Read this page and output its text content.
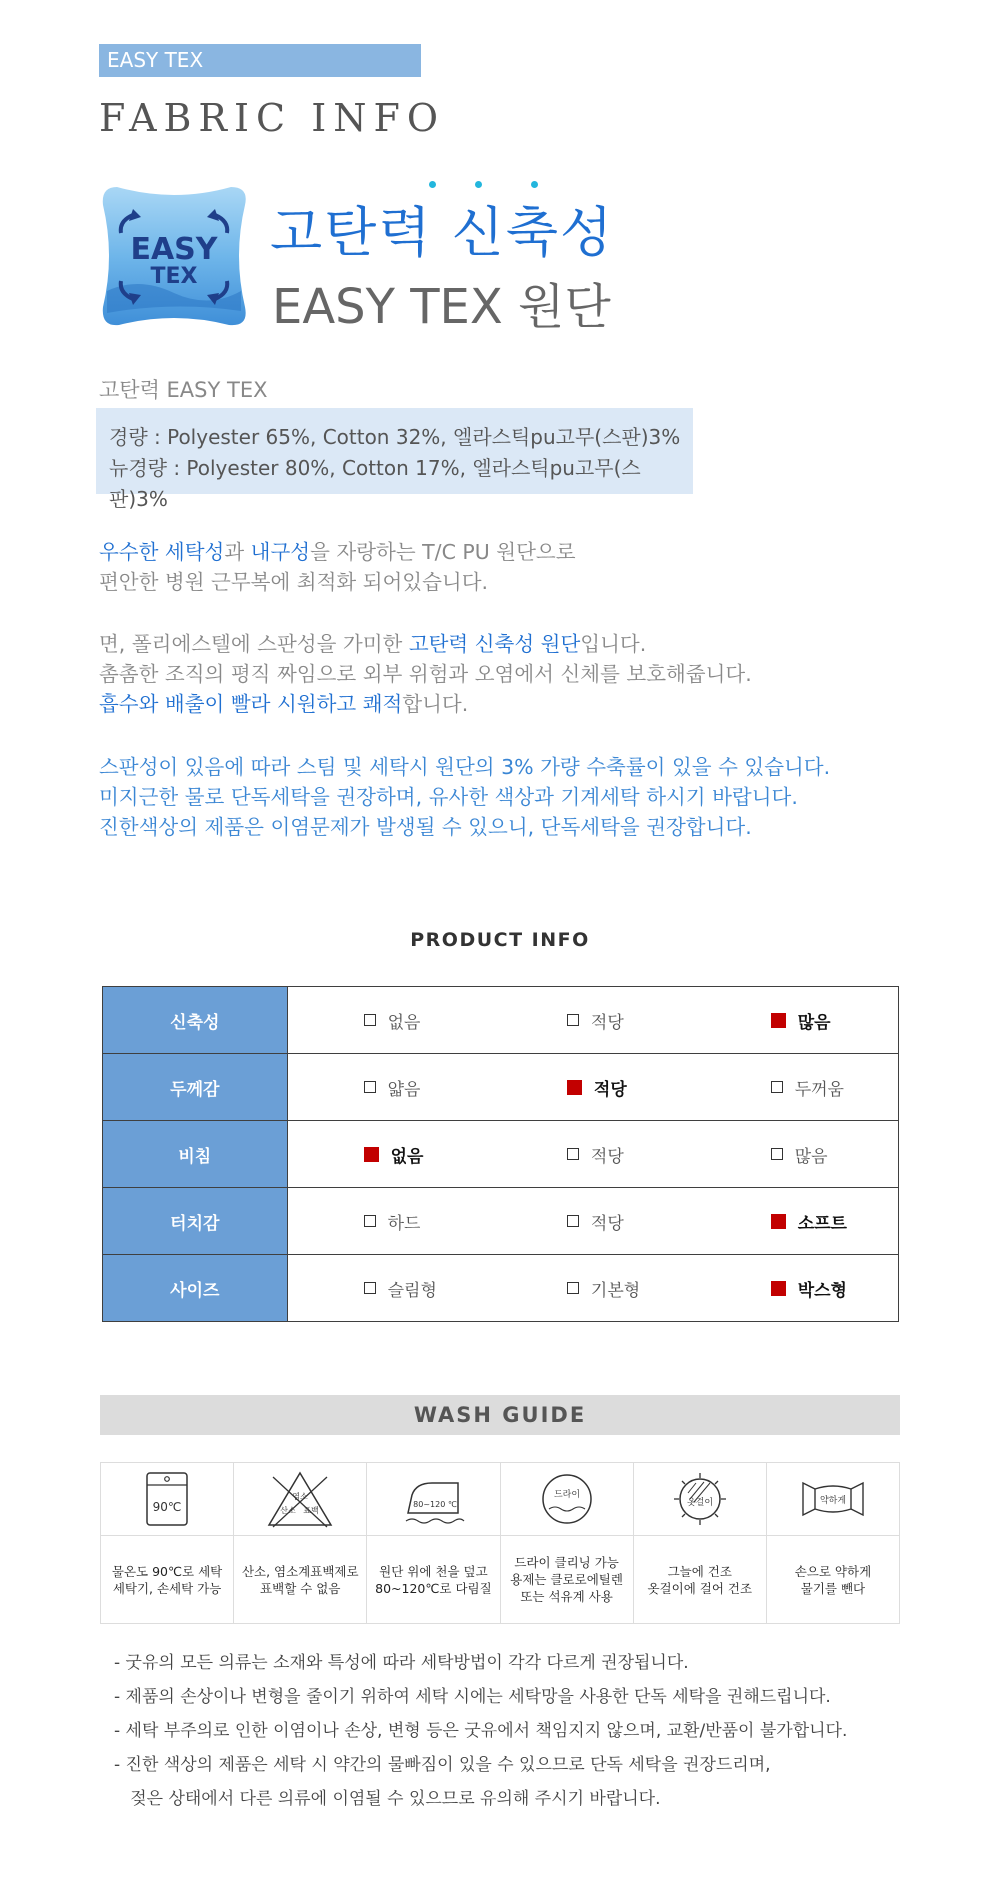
EASY TEX
FABRIC INFO
EASY
TEX
고탄력 신축성
EASY TEX 원단
고탄력 EASY TEX
경량 : Polyester 65%, Cotton 32%, 엘라스틱pu고무(스판)3%
뉴경량 : Polyester 80%, Cotton 17%, 엘라스틱pu고무(스판)3%
우수한 세탁성과 내구성을 자랑하는 T/C PU 원단으로
편안한 병원 근무복에 최적화 되어있습니다.
면, 폴리에스텔에 스판성을 가미한 고탄력 신축성 원단입니다.
촘촘한 조직의 평직 짜임으로 외부 위험과 오염에서 신체를 보호해줍니다.
흡수와 배출이 빨라 시원하고 쾌적합니다.
스판성이 있음에 따라 스팀 및 세탁시 원단의 3% 가량 수축률이 있을 수 있습니다.
미지근한 물로 단독세탁을 권장하며, 유사한 색상과 기계세탁 하시기 바랍니다.
진한색상의 제품은 이염문제가 발생될 수 있으니, 단독세탁을 권장합니다.
PRODUCT INFO
신축성	없음	적당	많음

두께감	얇음	적당	두꺼움

비침	없음	적당	많음

터치감	하드	적당	소프트

사이즈	슬림형	기본형	박스형
WASH GUIDE
90℃
물온도 90℃로 세탁
세탁기, 손세탁 가능
염소
산소 표백
산소, 염소계표백제로
표백할 수 없음
80~120 ℃
원단 위에 천을 덮고
80~120℃로 다림질
드라이
드라이 클리닝 가능
용제는 클로로에틸렌
또는 석유계 사용
옷걸이
그늘에 건조
옷걸이에 걸어 건조
약하게
손으로 약하게
물기를 뺀다
- 굿유의 모든 의류는 소재와 특성에 따라 세탁방법이 각각 다르게 권장됩니다.
- 제품의 손상이나 변형을 줄이기 위하여 세탁 시에는 세탁망을 사용한 단독 세탁을 권해드립니다.
- 세탁 부주의로 인한 이염이나 손상, 변형 등은 굿유에서 책임지지 않으며, 교환/반품이 불가합니다.
- 진한 색상의 제품은 세탁 시 약간의 물빠짐이 있을 수 있으므로 단독 세탁을 권장드리며,
젖은 상태에서 다른 의류에 이염될 수 있으므로 유의해 주시기 바랍니다.
